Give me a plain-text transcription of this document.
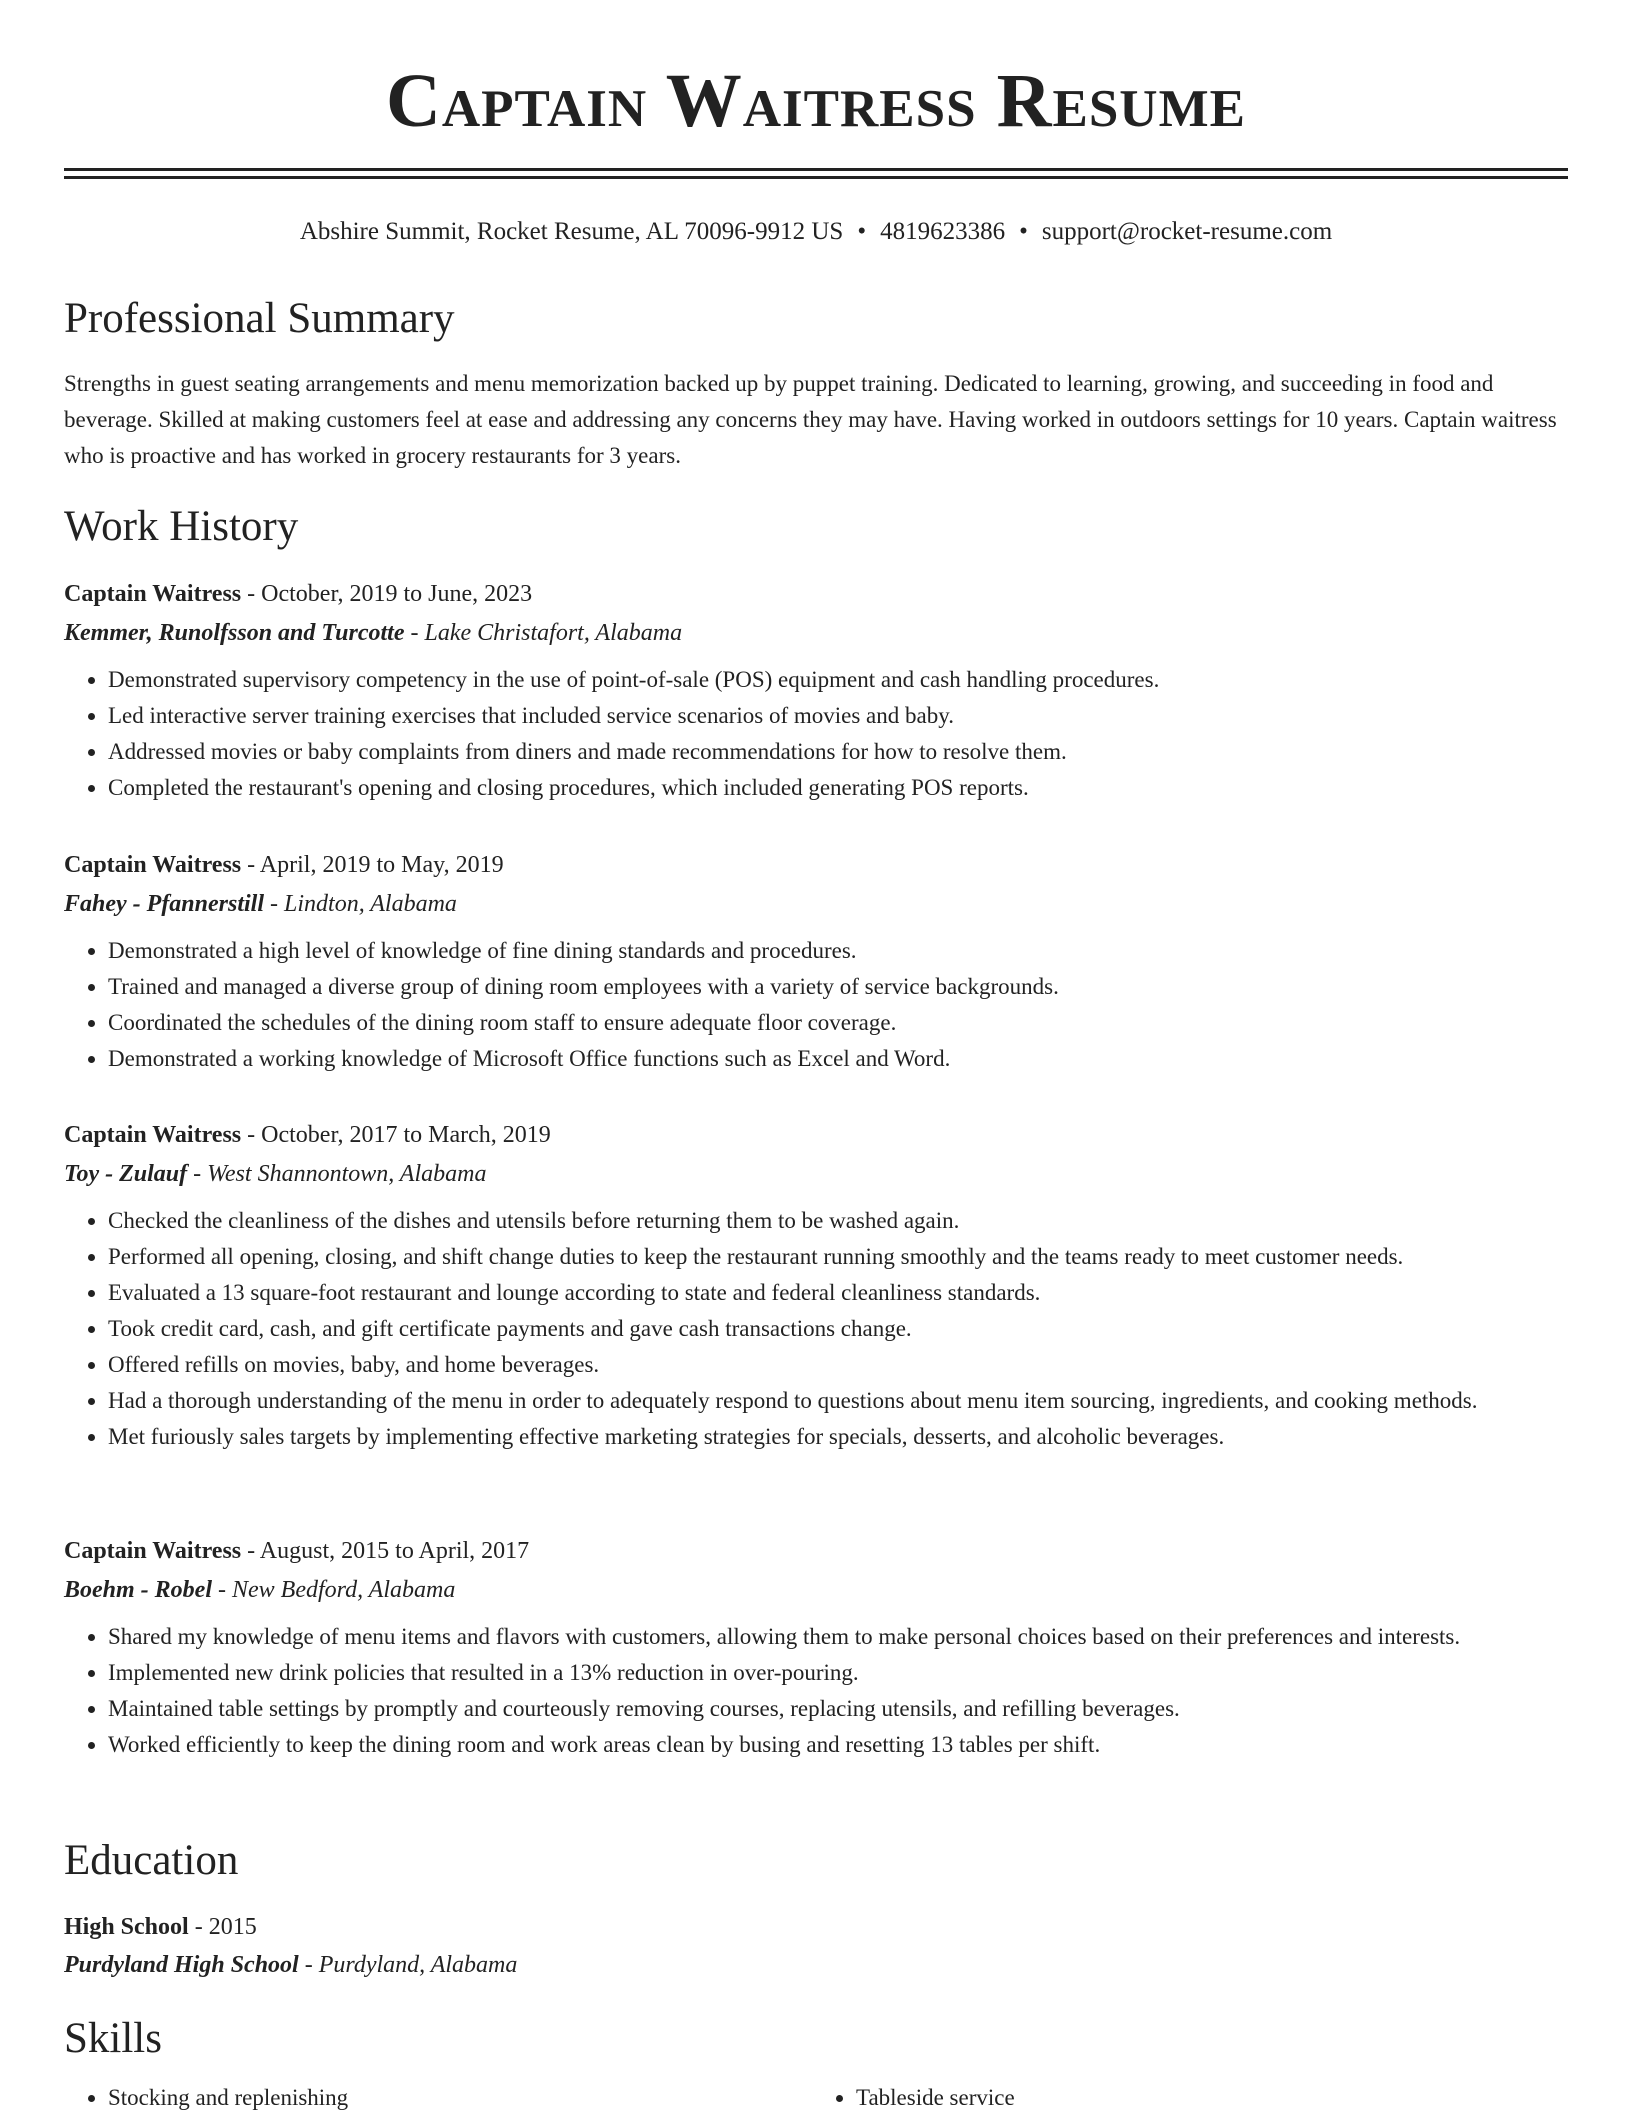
Captain Waitress Resume
Abshire Summit, Rocket Resume, AL 70096-9912 US • 4819623386 • support@rocket-resume.com
Professional Summary

Strengths in guest seating arrangements and menu memorization backed up by puppet training. Dedicated to learning, growing, and succeeding in food and beverage. Skilled at making customers feel at ease and addressing any concerns they may have. Having worked in outdoors settings for 10 years. Captain waitress who is proactive and has worked in grocery restaurants for 3 years.

Work History
Captain Waitress - October, 2019 to June, 2023
Kemmer, Runolfsson and Turcotte - Lake Christafort, Alabama
• Demonstrated supervisory competency in the use of point-of-sale (POS) equipment and cash handling procedures.
• Led interactive server training exercises that included service scenarios of movies and baby.
• Addressed movies or baby complaints from diners and made recommendations for how to resolve them.
• Completed the restaurant's opening and closing procedures, which included generating POS reports.
Captain Waitress - April, 2019 to May, 2019
Fahey - Pfannerstill - Lindton, Alabama
• Demonstrated a high level of knowledge of fine dining standards and procedures.
• Trained and managed a diverse group of dining room employees with a variety of service backgrounds.
• Coordinated the schedules of the dining room staff to ensure adequate floor coverage.
• Demonstrated a working knowledge of Microsoft Office functions such as Excel and Word.
Captain Waitress - October, 2017 to March, 2019
Toy - Zulauf - West Shannontown, Alabama
• Checked the cleanliness of the dishes and utensils before returning them to be washed again.
• Performed all opening, closing, and shift change duties to keep the restaurant running smoothly and the teams ready to meet customer needs.
• Evaluated a 13 square-foot restaurant and lounge according to state and federal cleanliness standards.
• Took credit card, cash, and gift certificate payments and gave cash transactions change.
• Offered refills on movies, baby, and home beverages.
• Had a thorough understanding of the menu in order to adequately respond to questions about menu item sourcing, ingredients, and cooking methods.
• Met furiously sales targets by implementing effective marketing strategies for specials, desserts, and alcoholic beverages.
Captain Waitress - August, 2015 to April, 2017
Boehm - Robel - New Bedford, Alabama
• Shared my knowledge of menu items and flavors with customers, allowing them to make personal choices based on their preferences and interests.
• Implemented new drink policies that resulted in a 13% reduction in over-pouring.
• Maintained table settings by promptly and courteously removing courses, replacing utensils, and refilling beverages.
• Worked efficiently to keep the dining room and work areas clean by busing and resetting 13 tables per shift.
Education
High School - 2015
Purdyland High School - Purdyland, Alabama
Skills
• Stocking and replenishing
•	Tableside service
